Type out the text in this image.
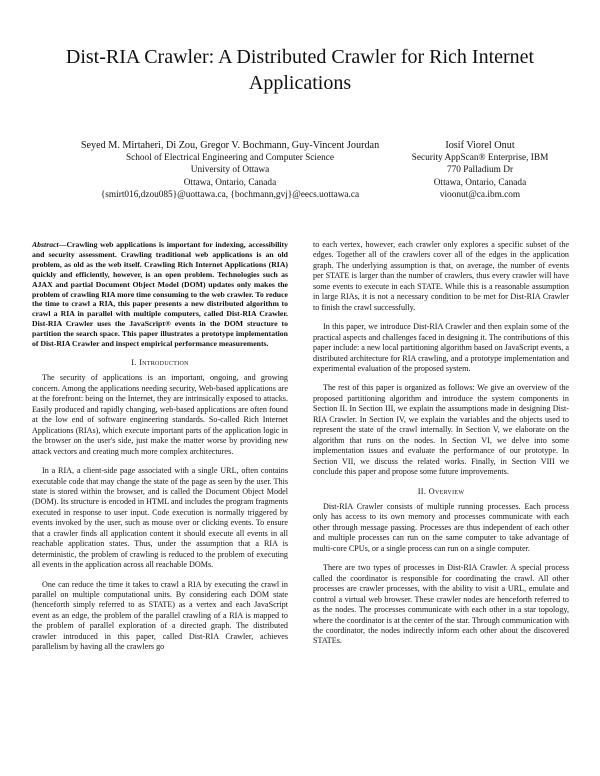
Dist-RIA Crawler: A Distributed Crawler for Rich Internet Applications
Seyed M. Mirtaheri, Di Zou, Gregor V. Bochmann, Guy-Vincent Jourdan
School of Electrical Engineering and Computer Science
University of Ottawa
Ottawa, Ontario, Canada
{smirt016,dzou085}@uottawa.ca, {bochmann,gvj}@eecs.uottawa.ca
Iosif Viorel Onut
Security AppScan® Enterprise, IBM
770 Palladium Dr
Ottawa, Ontario, Canada
vioonut@ca.ibm.com
Abstract—Crawling web applications is important for indexing, accessibility and security assessment. Crawling traditional web applications is an old problem, as old as the web itself. Crawling Rich Internet Applications (RIA) quickly and efficiently, however, is an open problem. Technologies such as AJAX and partial Document Object Model (DOM) updates only makes the problem of crawling RIA more time consuming to the web crawler. To reduce the time to crawl a RIA, this paper presents a new distributed algorithm to crawl a RIA in parallel with multiple computers, called Dist-RIA Crawler. Dist-RIA Crawler uses the JavaScript® events in the DOM structure to partition the search space. This paper illustrates a prototype implementation of Dist-RIA Crawler and inspect empirical performance measurements.
I. Introduction

The security of applications is an important, ongoing, and growing concern. Among the applications needing security, Web-based applications are at the forefront: being on the Internet, they are intrinsically exposed to attacks. Easily produced and rapidly changing, web-based applications are often found at the low end of software engineering standards. So-called Rich Internet Applications (RIAs), which execute important parts of the application logic in the browser on the user's side, just make the matter worse by providing new attack vectors and creating much more complex architectures.

In a RIA, a client-side page associated with a single URL, often contains executable code that may change the state of the page as seen by the user. This state is stored within the browser, and is called the Document Object Model (DOM). Its structure is encoded in HTML and includes the program fragments executed in response to user input. Code execution is normally triggered by events invoked by the user, such as mouse over or clicking events. To ensure that a crawler finds all application content it should execute all events in all reachable application states. Thus, under the assumption that a RIA is deterministic, the problem of crawling is reduced to the problem of executing all events in the application across all reachable DOMs.

One can reduce the time it takes to crawl a RIA by executing the crawl in parallel on multiple computational units. By considering each DOM state (henceforth simply referred to as STATE) as a vertex and each JavaScript event as an edge, the problem of the parallel crawling of a RIA is mapped to the problem of parallel exploration of a directed graph. The distributed crawler introduced in this paper, called Dist-RIA Crawler, achieves parallelism by having all the crawlers go

to each vertex, however, each crawler only explores a specific subset of the edges. Together all of the crawlers cover all of the edges in the application graph. The underlying assumption is that, on average, the number of events per STATE is larger than the number of crawlers, thus every crawler will have some events to execute in each STATE. While this is a reasonable assumption in large RIAs, it is not a necessary condition to be met for Dist-RIA Crawler to finish the crawl successfully.

In this paper, we introduce Dist-RIA Crawler and then explain some of the practical aspects and challenges faced in designing it. The contributions of this paper include: a new local partitioning algorithm based on JavaScript events, a distributed architecture for RIA crawling, and a prototype implementation and experimental evaluation of the proposed system.

The rest of this paper is organized as follows: We give an overview of the proposed partitioning algorithm and introduce the system components in Section II. In Section III, we explain the assumptions made in designing Dist-RIA Crawler. In Section IV, we explain the variables and the objects used to represent the state of the crawl internally. In Section V, we elaborate on the algorithm that runs on the nodes. In Section VI, we delve into some implementation issues and evaluate the performance of our prototype. In Section VII, we discuss the related works. Finally, in Section VIII we conclude this paper and propose some future improvements.

II. Overview

Dist-RIA Crawler consists of multiple running processes. Each process only has access to its own memory and processes communicate with each other through message passing. Processes are thus independent of each other and multiple processes can run on the same computer to take advantage of multi-core CPUs, or a single process can run on a single computer.

There are two types of processes in Dist-RIA Crawler. A special process called the coordinator is responsible for coordinating the crawl. All other processes are crawler processes, with the ability to visit a URL, emulate and control a virtual web browser. These crawler nodes are henceforth referred to as the nodes. The processes communicate with each other in a star topology, where the coordinator is at the center of the star. Through communication with the coordinator, the nodes indirectly inform each other about the discovered STATEs.
